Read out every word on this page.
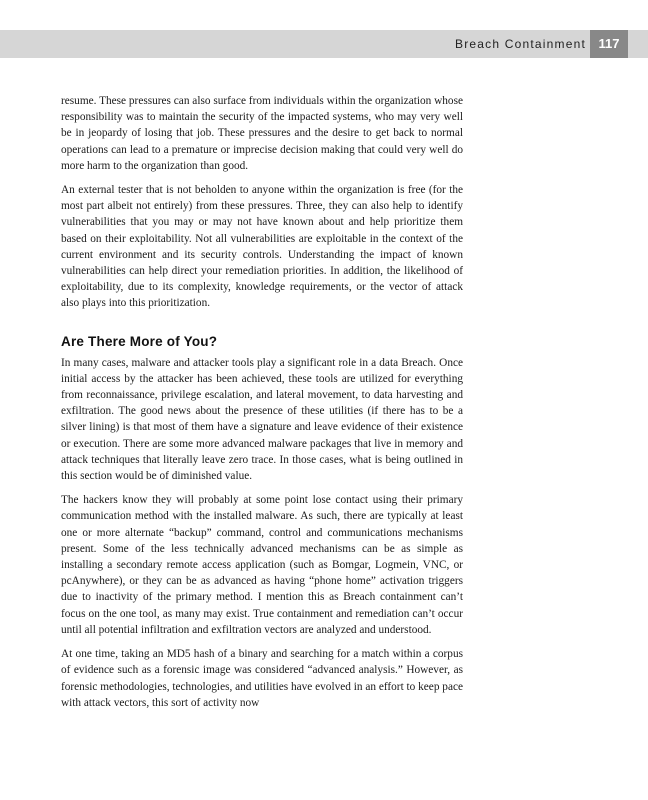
Breach Containment 117

resume. These pressures can also surface from individuals within the organization whose responsibility was to maintain the security of the impacted systems, who may very well be in jeopardy of losing that job. These pressures and the desire to get back to normal operations can lead to a premature or imprecise decision making that could very well do more harm to the organization than good.

An external tester that is not beholden to anyone within the organization is free (for the most part albeit not entirely) from these pressures. Three, they can also help to identify vulnerabilities that you may or may not have known about and help prioritize them based on their exploitability. Not all vulnerabilities are exploitable in the context of the current environment and its security controls. Understanding the impact of known vulnerabilities can help direct your remediation priorities. In addition, the likelihood of exploitability, due to its complexity, knowledge requirements, or the vector of attack also plays into this prioritization.

Are There More of You?

In many cases, malware and attacker tools play a significant role in a data Breach. Once initial access by the attacker has been achieved, these tools are utilized for everything from reconnaissance, privilege escalation, and lateral movement, to data harvesting and exfiltration. The good news about the presence of these utilities (if there has to be a silver lining) is that most of them have a signature and leave evidence of their existence or execution. There are some more advanced malware packages that live in memory and attack techniques that literally leave zero trace. In those cases, what is being outlined in this section would be of diminished value.

The hackers know they will probably at some point lose contact using their primary communication method with the installed malware. As such, there are typically at least one or more alternate “backup” command, control and communications mechanisms present. Some of the less technically advanced mechanisms can be as simple as installing a secondary remote access application (such as Bomgar, Logmein, VNC, or pcAnywhere), or they can be as advanced as having “phone home” activation triggers due to inactivity of the primary method. I mention this as Breach containment can’t focus on the one tool, as many may exist. True containment and remediation can’t occur until all potential infiltration and exfiltration vectors are analyzed and understood.

At one time, taking an MD5 hash of a binary and searching for a match within a corpus of evidence such as a forensic image was considered “advanced analysis.” However, as forensic methodologies, technologies, and utilities have evolved in an effort to keep pace with attack vectors, this sort of activity now
